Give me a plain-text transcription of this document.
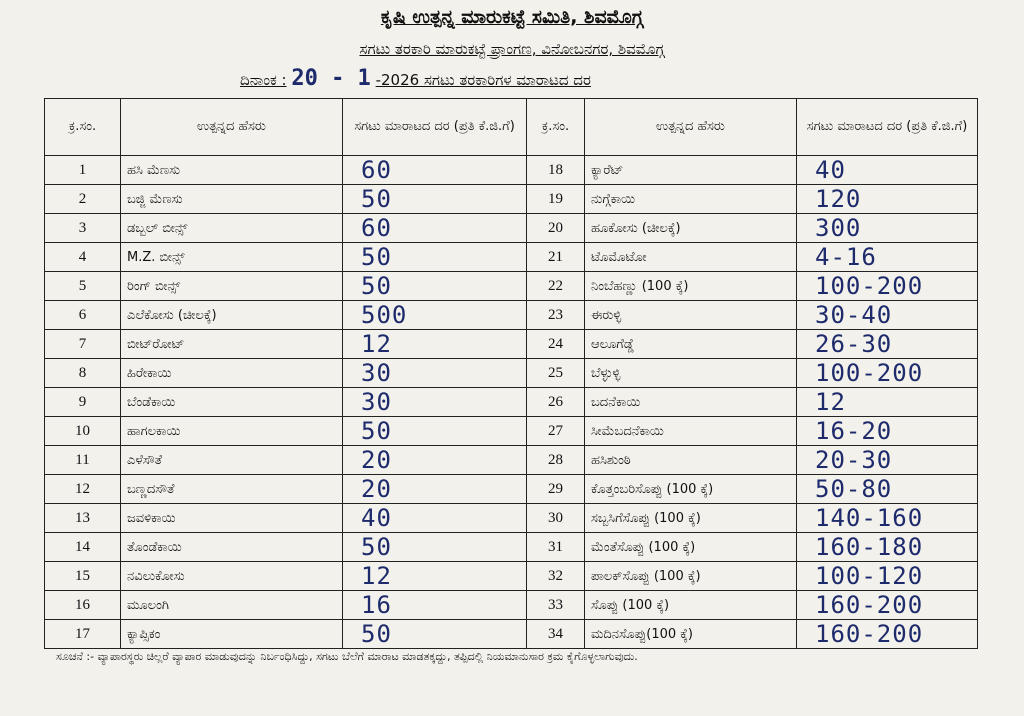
ಕೃಷಿ ಉತ್ಪನ್ನ ಮಾರುಕಟ್ಟೆ ಸಮಿತಿ, ಶಿವಮೊಗ್ಗ
ಸಗಟು ತರಕಾರಿ ಮಾರುಕಟ್ಟೆ ಪ್ರಾಂಗಣ, ವಿನೋಬನಗರ, ಶಿವಮೊಗ್ಗ
ದಿನಾಂಕ : 20 - 1 -2026 ಸಗಟು ತರಕಾರಿಗಳ ಮಾರಾಟದ ದರ
ಕ್ರ.ಸಂ.	ಉತ್ಪನ್ನದ ಹೆಸರು	ಸಗಟು ಮಾರಾಟದ ದರ (ಪ್ರತಿ ಕೆ.ಜಿ.ಗೆ)	ಕ್ರ.ಸಂ.	ಉತ್ಪನ್ನದ ಹೆಸರು	ಸಗಟು ಮಾರಾಟದ ದರ (ಪ್ರತಿ ಕೆ.ಜಿ.ಗೆ)
1	ಹಸಿ ಮೆಣಸು	60	18	ಕ್ಯಾರೆಟ್	40
2	ಬಜ್ಜಿ ಮೆಣಸು	50	19	ನುಗ್ಗೆಕಾಯಿ	120
3	ಡಬ್ಬಲ್ ಬೀನ್ಸ್	60	20	ಹೂಕೋಸು (ಚೀಲಕ್ಕೆ)	300
4	M.Z. ಬೀನ್ಸ್	50	21	ಟೊಮೊಟೋ	4-16
5	ರಿಂಗ್ ಬೀನ್ಸ್	50	22	ನಿಂಬೆಹಣ್ಣು (100 ಕ್ಕೆ)	100-200
6	ಎಲೆಕೋಸು (ಚೀಲಕ್ಕೆ)	500	23	ಈರುಳ್ಳಿ	30-40
7	ಬೀಟ್‌ರೋಟ್	12	24	ಆಲೂಗೆಡ್ಡೆ	26-30
8	ಹಿರೇಕಾಯಿ	30	25	ಬೆಳ್ಳುಳ್ಳಿ	100-200
9	ಬೆಂಡೆಕಾಯಿ	30	26	ಬದನೆಕಾಯಿ	12
10	ಹಾಗಲಕಾಯಿ	50	27	ಸೀಮೆಬದನೆಕಾಯಿ	16-20
11	ಎಳೆಸೌತೆ	20	28	ಹಸಿಶುಂಠಿ	20-30
12	ಬಣ್ಣದಸೌತೆ	20	29	ಕೊತ್ತಂಬರಿಸೊಪ್ಪು (100 ಕ್ಕೆ)	50-80
13	ಜವಳಿಕಾಯಿ	40	30	ಸಬ್ಬಸಿಗೆಸೊಪ್ಪು (100 ಕ್ಕೆ)	140-160
14	ತೊಂಡೆಕಾಯಿ	50	31	ಮೆಂತೆಸೊಪ್ಪು (100 ಕ್ಕೆ)	160-180
15	ನವಿಲುಕೋಸು	12	32	ಪಾಲಕ್‌ಸೊಪ್ಪು (100 ಕ್ಕೆ)	100-120
16	ಮೂಲಂಗಿ	16	33	ಸೊಪ್ಪು (100 ಕ್ಕೆ)	160-200
17	ಕ್ಯಾಪ್ಸಿಕಂ	50	34	ಮದಿನಸೊಪ್ಪು(100 ಕ್ಕೆ)	160-200
ಸೂಚನೆ :- ವ್ಯಾಪಾರಸ್ಥರು ಚಿಲ್ಲರೆ ವ್ಯಾಪಾರ ಮಾಡುವುದನ್ನು ನಿರ್ಬಂಧಿಸಿದ್ದು, ಸಗಟು ಬೆಲೆಗೆ ಮಾರಾಟ ಮಾಡತಕ್ಕದ್ದು, ತಪ್ಪಿದಲ್ಲಿ ನಿಯಮಾನುಸಾರ ಕ್ರಮ ಕೈಗೊಳ್ಳಲಾಗುವುದು.
